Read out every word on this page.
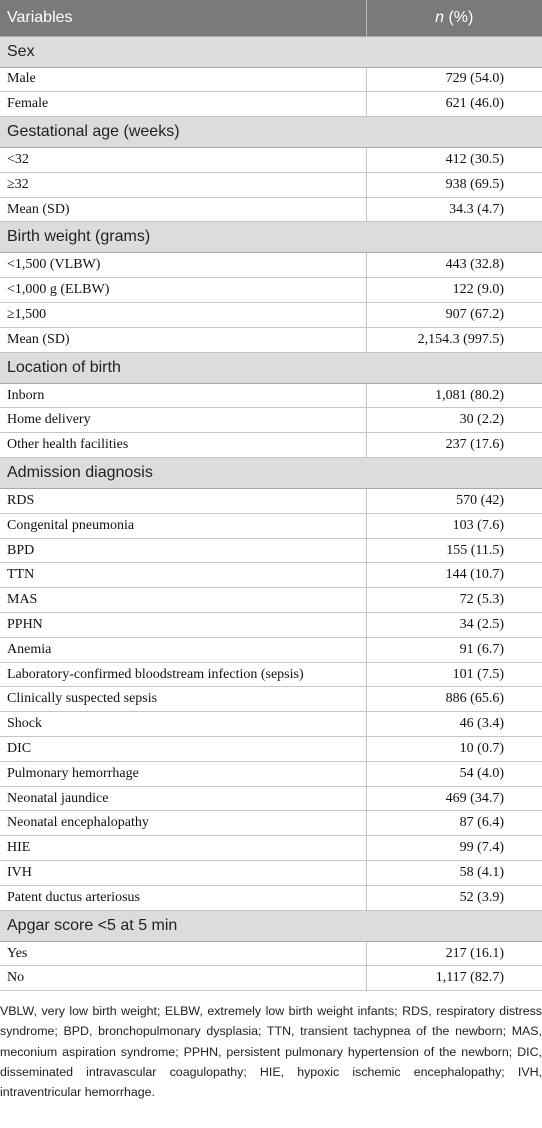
Variables	n (%)
Sex	
Male	729 (54.0)
Female	621 (46.0)
Gestational age (weeks)	
<32	412 (30.5)
≥32	938 (69.5)
Mean (SD)	34.3 (4.7)
Birth weight (grams)	
<1,500 (VLBW)	443 (32.8)
<1,000 g (ELBW)	122 (9.0)
≥1,500	907 (67.2)
Mean (SD)	2,154.3 (997.5)
Location of birth	
Inborn	1,081 (80.2)
Home delivery	30 (2.2)
Other health facilities	237 (17.6)
Admission diagnosis	
RDS	570 (42)
Congenital pneumonia	103 (7.6)
BPD	155 (11.5)
TTN	144 (10.7)
MAS	72 (5.3)
PPHN	34 (2.5)
Anemia	91 (6.7)
Laboratory-confirmed bloodstream infection (sepsis)	101 (7.5)
Clinically suspected sepsis	886 (65.6)
Shock	46 (3.4)
DIC	10 (0.7)
Pulmonary hemorrhage	54 (4.0)
Neonatal jaundice	469 (34.7)
Neonatal encephalopathy	87 (6.4)
HIE	99 (7.4)
IVH	58 (4.1)
Patent ductus arteriosus	52 (3.9)
Apgar score <5 at 5 min	
Yes	217 (16.1)
No	1,117 (82.7)
VBLW, very low birth weight; ELBW, extremely low birth weight infants; RDS, respiratory distress syndrome; BPD, bronchopulmonary dysplasia; TTN, transient tachypnea of the newborn; MAS, meconium aspiration syndrome; PPHN, persistent pulmonary hypertension of the newborn; DIC, disseminated intravascular coagulopathy; HIE, hypoxic ischemic encephalopathy; IVH, intraventricular hemorrhage.
